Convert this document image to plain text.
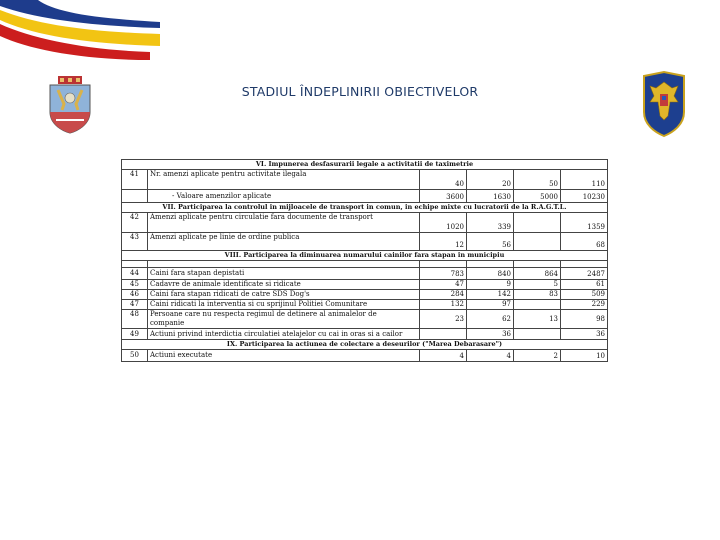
STADIUL ÎNDEPLINIRII OBIECTIVELOR

VI. Impunerea desfasurarii legale a activitatii de taximetrie					
41	Nr. amenzi aplicate pentru activitate ilegala	40	20	50	110
	- Valoare amenzilor aplicate	3600	1630	5000	10230
VII. Participarea la controlul in mijloacele de transport in comun, in echipe mixte cu lucratorii de la R.A.G.T.L.					
42	Amenzi aplicate pentru circulatie fara documente de transport	1020	339		1359
43	Amenzi aplicate pe linie de ordine publica	12	56		68
VIII. Participarea la diminuarea numarului cainilor fara stapan in municipiu					

44	Caini fara stapan depistati	783	840	864	2487
45	Cadavre de animale identificate si ridicate	47	9	5	61
46	Caini fara stapan ridicati de catre SDS Dog's	284	142	83	509
47	Caini ridicati la interventia si cu sprijinul Politiei Comunitare	132	97		229
48	Persoane care nu respecta regimul de detinere al animalelor de
companie	23	62	13	98
49	Actiuni privind interdictia circulatiei atelajelor cu cai in oras si a cailor		36		36
IX. Participarea la actiunea de colectare a deseurilor ("Marea Debarasare")					
50	Actiuni executate	4	4	2	10
